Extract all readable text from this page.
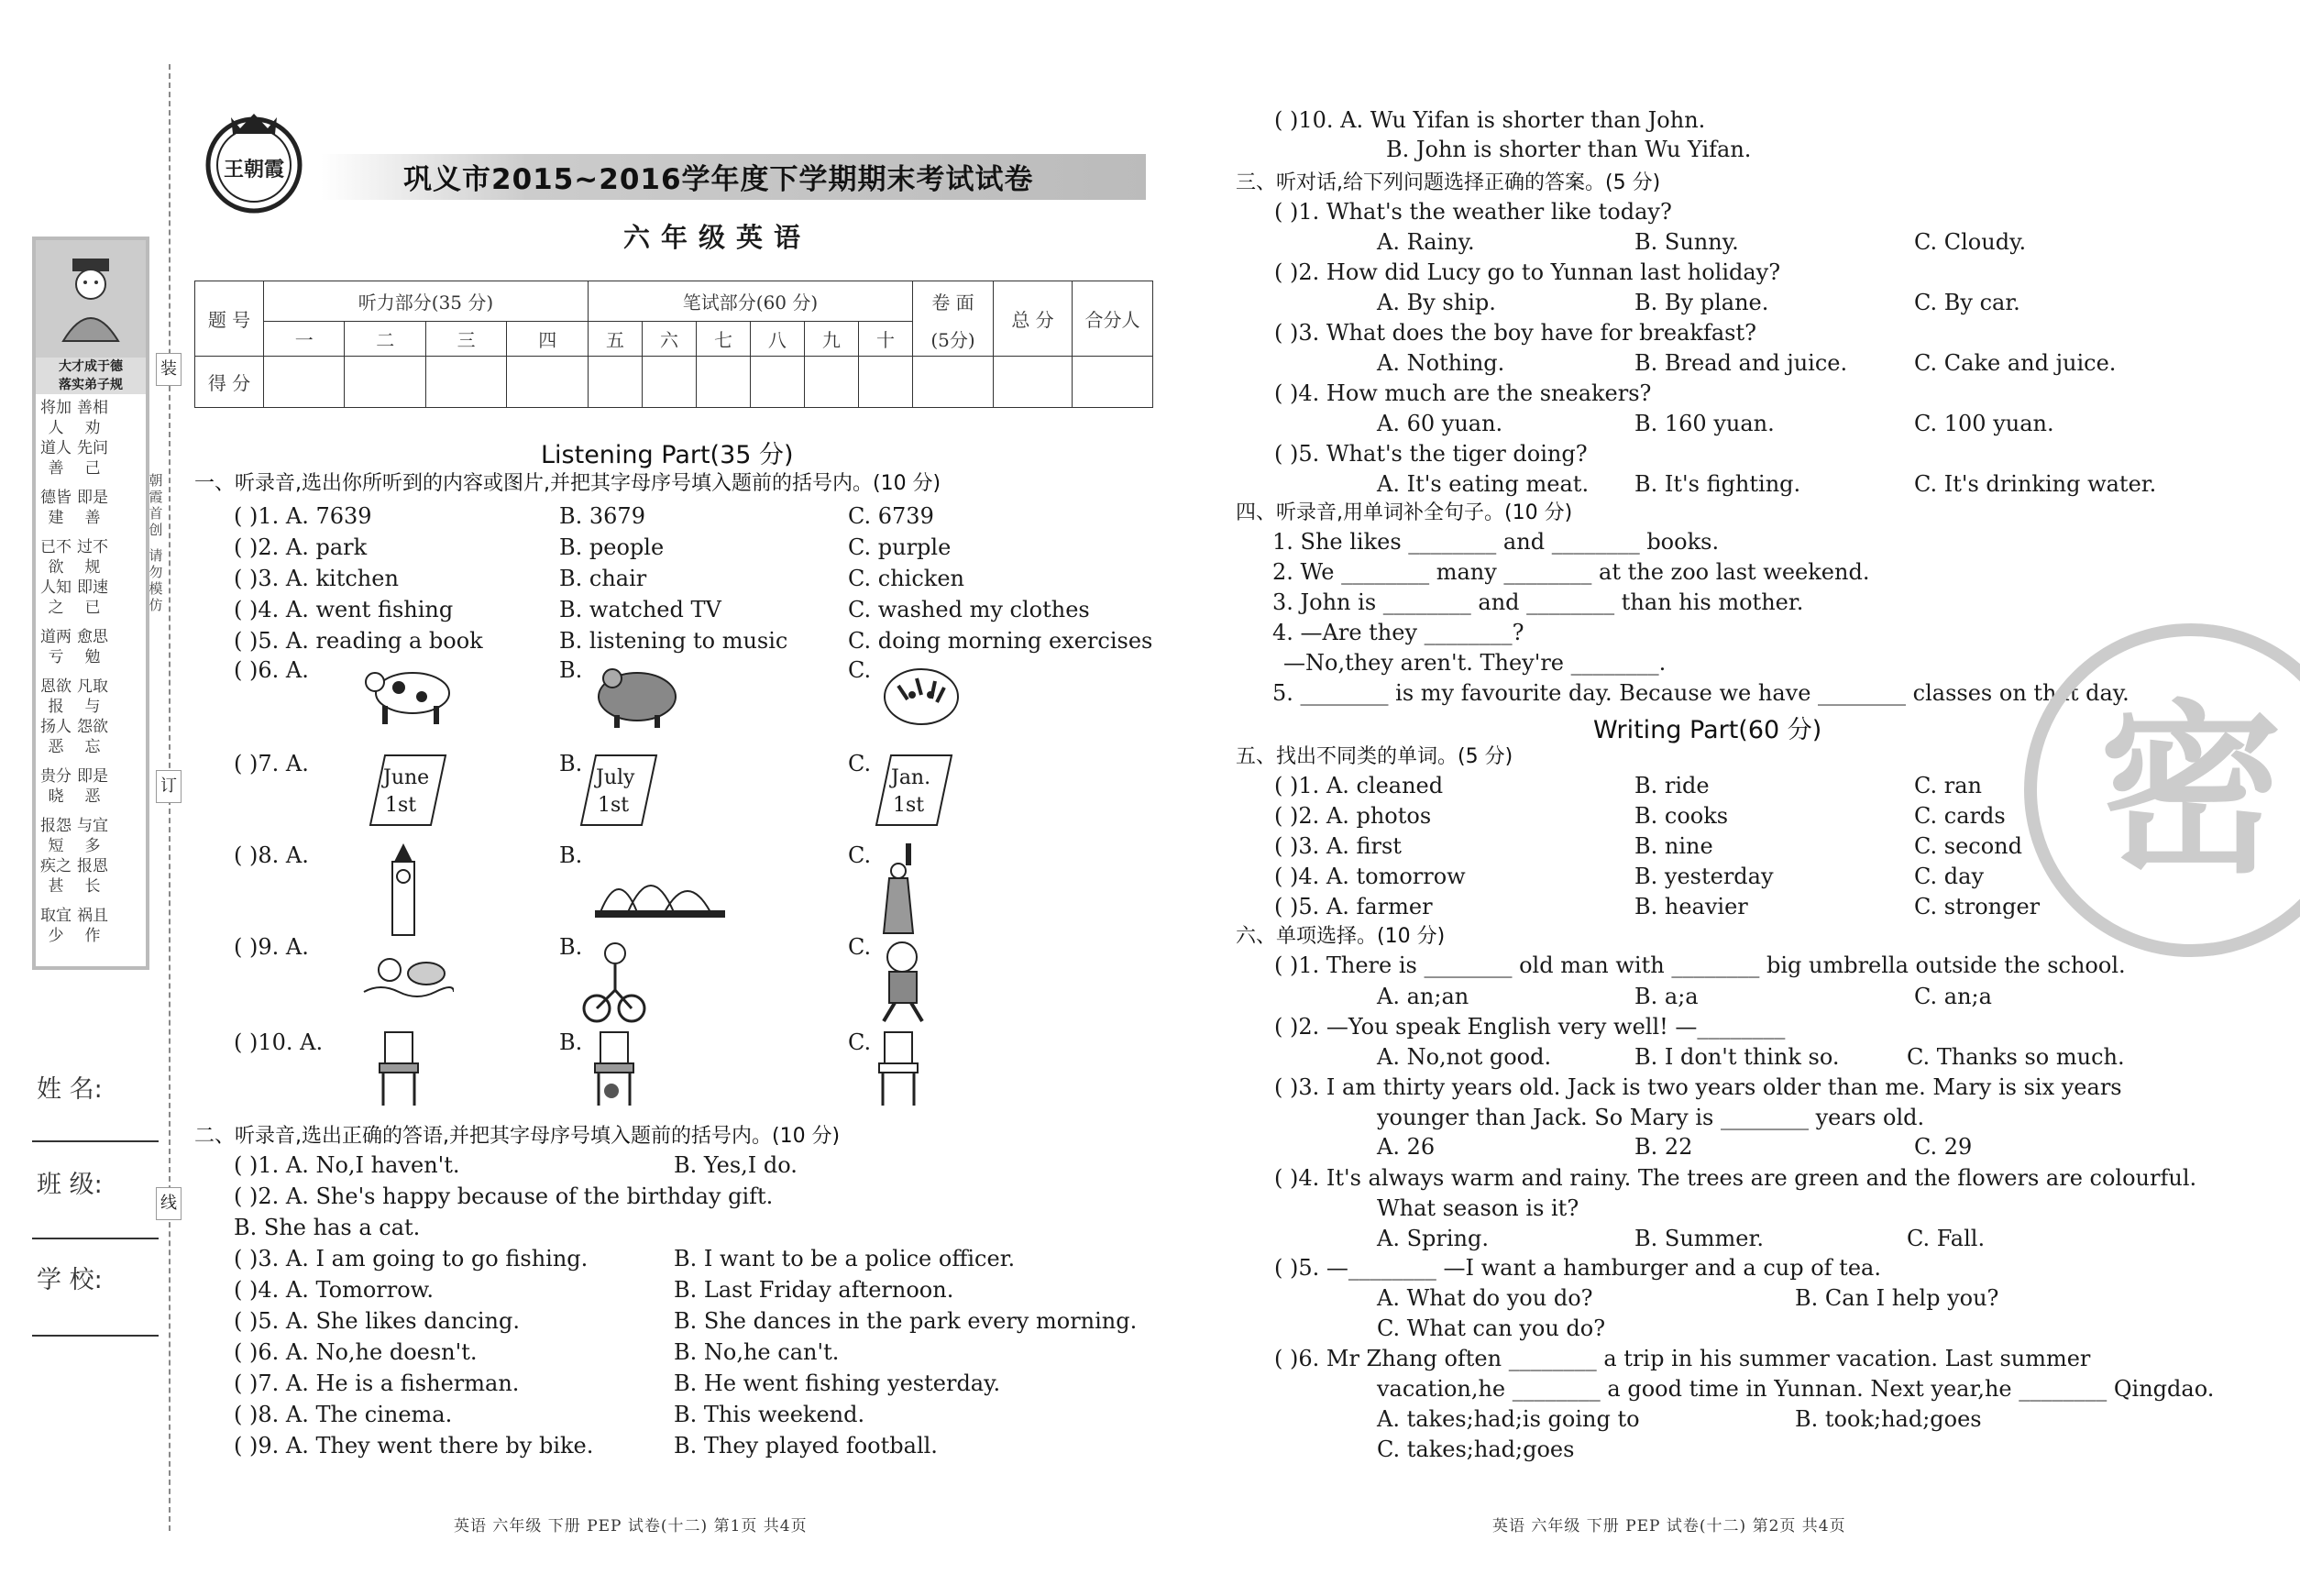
装
订
线
大才成于德
落实弟子规
将加人
善相劝
道人善
先问己
德皆建
即是善
已不欲
过不规
人知之
即速已
道两亏
愈思勉
恩欲报
凡取与
扬人恶
怨欲忘
贵分晓
即是恶
报怨短
与宜多
疾之甚
报恩长
取宜少
祸且作
朝
霞
首
创
请
勿
模
仿
姓 名:
班 级:
学 校:
王朝霞	巩义市2015~2016学年度下学期期末考试试卷
六年级英语
题 号	听力部分(35 分)				笔试部分(60 分)						卷 面	总 分	合分人
	一	二	三	四	五	六	七	八	九	十	(5分)		
得 分													
Listening Part(35 分)
一、听录音,选出你所听到的内容或图片,并把其字母序号填入题前的括号内。(10 分)
( )1. A. 7639	B. 3679	C. 6739
( )2. A. park	B. people	C. purple
( )3. A. kitchen	B. chair	C. chicken
( )4. A. went fishing	B. watched TV	C. washed my clothes
( )5. A. reading a book	B. listening to music	C. doing morning exercises
( )6. A.	B.	C.
( )7. A.	B.	C.
June
1st
July
1st
Jan.
1st
( )8. A.	B.	C.
( )9. A.	B.	C.
( )10. A.	B.	C.
二、听录音,选出正确的答语,并把其字母序号填入题前的括号内。(10 分)
( )1. A. No,I haven't.	B. Yes,I do.
( )2. A. She's happy because of the birthday gift.
B. She has a cat.
( )3. A. I am going to go fishing.	B. I want to be a police officer.
( )4. A. Tomorrow.	B. Last Friday afternoon.
( )5. A. She likes dancing.	B. She dances in the park every morning.
( )6. A. No,he doesn't.	B. No,he can't.
( )7. A. He is a fisherman.	B. He went fishing yesterday.
( )8. A. The cinema.	B. This weekend.
( )9. A. They went there by bike.	B. They played football.
英语 六年级 下册 PEP 试卷(十二) 第1页 共4页
( )10. A. Wu Yifan is shorter than John.
B. John is shorter than Wu Yifan.
三、听对话,给下列问题选择正确的答案。(5 分)
( )1. What's the weather like today?
A. Rainy.	B. Sunny.	C. Cloudy.
( )2. How did Lucy go to Yunnan last holiday?
A. By ship.	B. By plane.	C. By car.
( )3. What does the boy have for breakfast?
A. Nothing.	B. Bread and juice.	C. Cake and juice.
( )4. How much are the sneakers?
A. 60 yuan.	B. 160 yuan.	C. 100 yuan.
( )5. What's the tiger doing?
A. It's eating meat. B. It's fighting.	C. It's drinking water.
四、听录音,用单词补全句子。(10 分)
1. She likes ________ and ________ books.
2. We ________ many ________ at the zoo last weekend.
3. John is ________ and ________ than his mother.
4. —Are they ________?
—No,they aren't. They're ________.
5. ________ is my favourite day. Because we have ________ classes on that day.
密
Writing Part(60 分)
五、找出不同类的单词。(5 分)
( )1. A. cleaned	B. ride	C. ran
( )2. A. photos	B. cooks	C. cards
( )3. A. first	B. nine	C. second
( )4. A. tomorrow	B. yesterday	C. day
( )5. A. farmer	B. heavier	C. stronger
六、单项选择。(10 分)
( )1. There is ________ old man with ________ big umbrella outside the school.
A. an;an	B. a;a	C. an;a
( )2. —You speak English very well! —________
A. No,not good.	B. I don't think so.	C. Thanks so much.
( )3. I am thirty years old. Jack is two years older than me. Mary is six years
younger than Jack. So Mary is ________ years old.
A. 26	B. 22	C. 29
( )4. It's always warm and rainy. The trees are green and the flowers are colourful.
What season is it?
A. Spring.	B. Summer.	C. Fall.
( )5. —________ —I want a hamburger and a cup of tea.
A. What do you do?	B. Can I help you?
C. What can you do?
( )6. Mr Zhang often ________ a trip in his summer vacation. Last summer
vacation,he ________ a good time in Yunnan. Next year,he ________ Qingdao.
A. takes;had;is going to	B. took;had;goes
C. takes;had;goes
英语 六年级 下册 PEP 试卷(十二) 第2页 共4页
